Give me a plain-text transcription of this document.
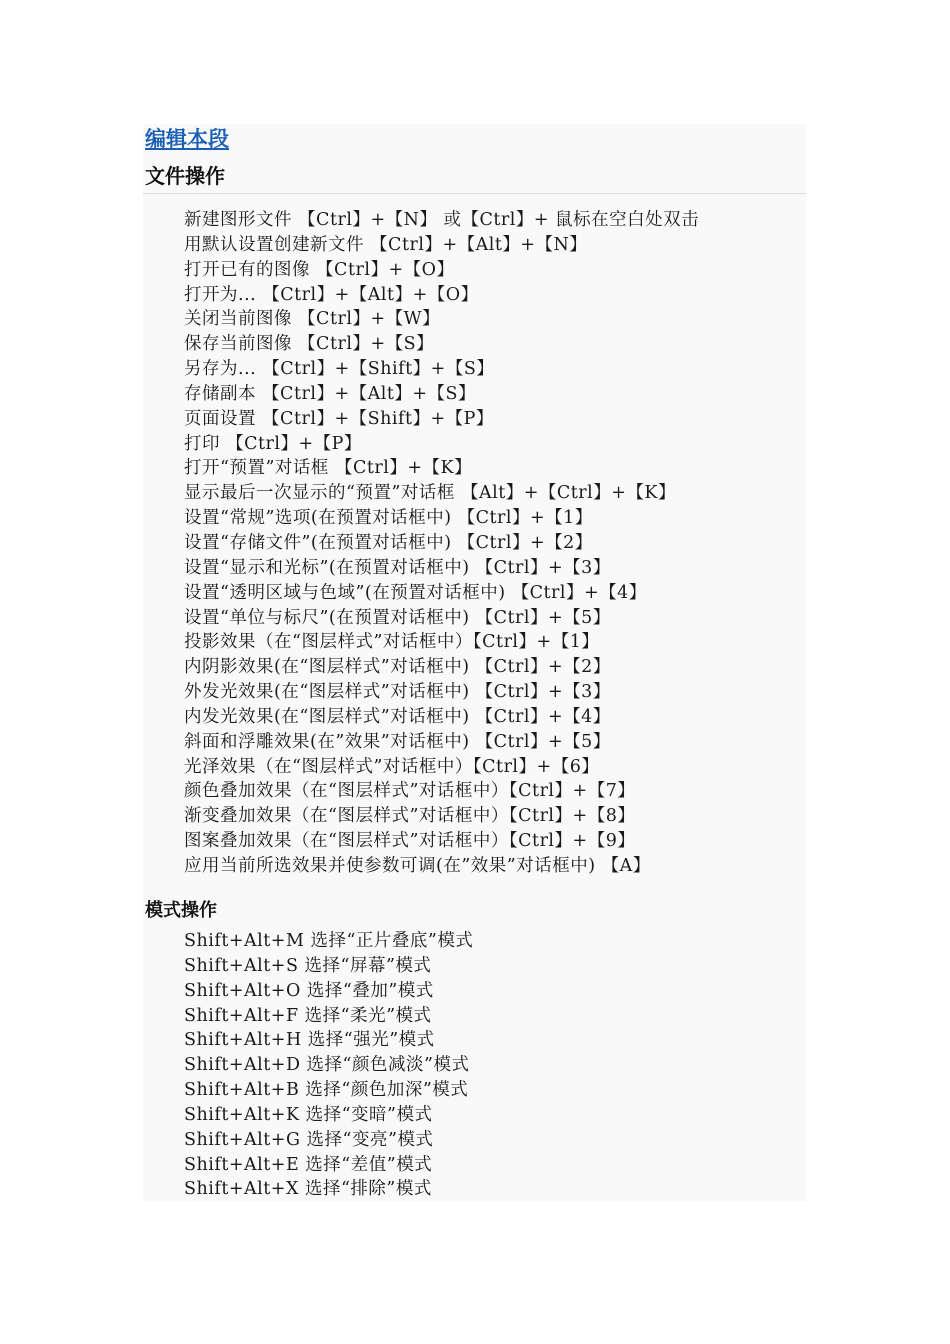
编辑本段
文件操作
新建图形文件 【Ctrl】+【N】 或【Ctrl】+ 鼠标在空白处双击
用默认设置创建新文件 【Ctrl】+【Alt】+【N】
打开已有的图像 【Ctrl】+【O】
打开为... 【Ctrl】+【Alt】+【O】
关闭当前图像 【Ctrl】+【W】
保存当前图像 【Ctrl】+【S】
另存为... 【Ctrl】+【Shift】+【S】
存储副本 【Ctrl】+【Alt】+【S】
页面设置 【Ctrl】+【Shift】+【P】
打印 【Ctrl】+【P】
打开“预置”对话框 【Ctrl】+【K】
显示最后一次显示的“预置”对话框 【Alt】+【Ctrl】+【K】
设置“常规”选项(在预置对话框中) 【Ctrl】+【1】
设置“存储文件”(在预置对话框中) 【Ctrl】+【2】
设置“显示和光标”(在预置对话框中) 【Ctrl】+【3】
设置“透明区域与色域”(在预置对话框中) 【Ctrl】+【4】
设置“单位与标尺”(在预置对话框中) 【Ctrl】+【5】
投影效果（在“图层样式”对话框中）【Ctrl】+【1】
内阴影效果(在“图层样式”对话框中) 【Ctrl】+【2】
外发光效果(在“图层样式”对话框中) 【Ctrl】+【3】
内发光效果(在“图层样式”对话框中) 【Ctrl】+【4】
斜面和浮雕效果(在”效果”对话框中) 【Ctrl】+【5】
光泽效果（在“图层样式”对话框中）【Ctrl】+【6】
颜色叠加效果（在“图层样式”对话框中）【Ctrl】+【7】
渐变叠加效果（在“图层样式”对话框中）【Ctrl】+【8】
图案叠加效果（在“图层样式”对话框中）【Ctrl】+【9】
应用当前所选效果并使参数可调(在”效果”对话框中) 【A】
模式操作
Shift+Alt+M 选择“正片叠底”模式
Shift+Alt+S 选择“屏幕”模式
Shift+Alt+O 选择“叠加”模式
Shift+Alt+F 选择“柔光”模式
Shift+Alt+H 选择“强光”模式
Shift+Alt+D 选择“颜色减淡”模式
Shift+Alt+B 选择“颜色加深”模式
Shift+Alt+K 选择“变暗”模式
Shift+Alt+G 选择“变亮”模式
Shift+Alt+E 选择“差值”模式
Shift+Alt+X 选择“排除”模式
